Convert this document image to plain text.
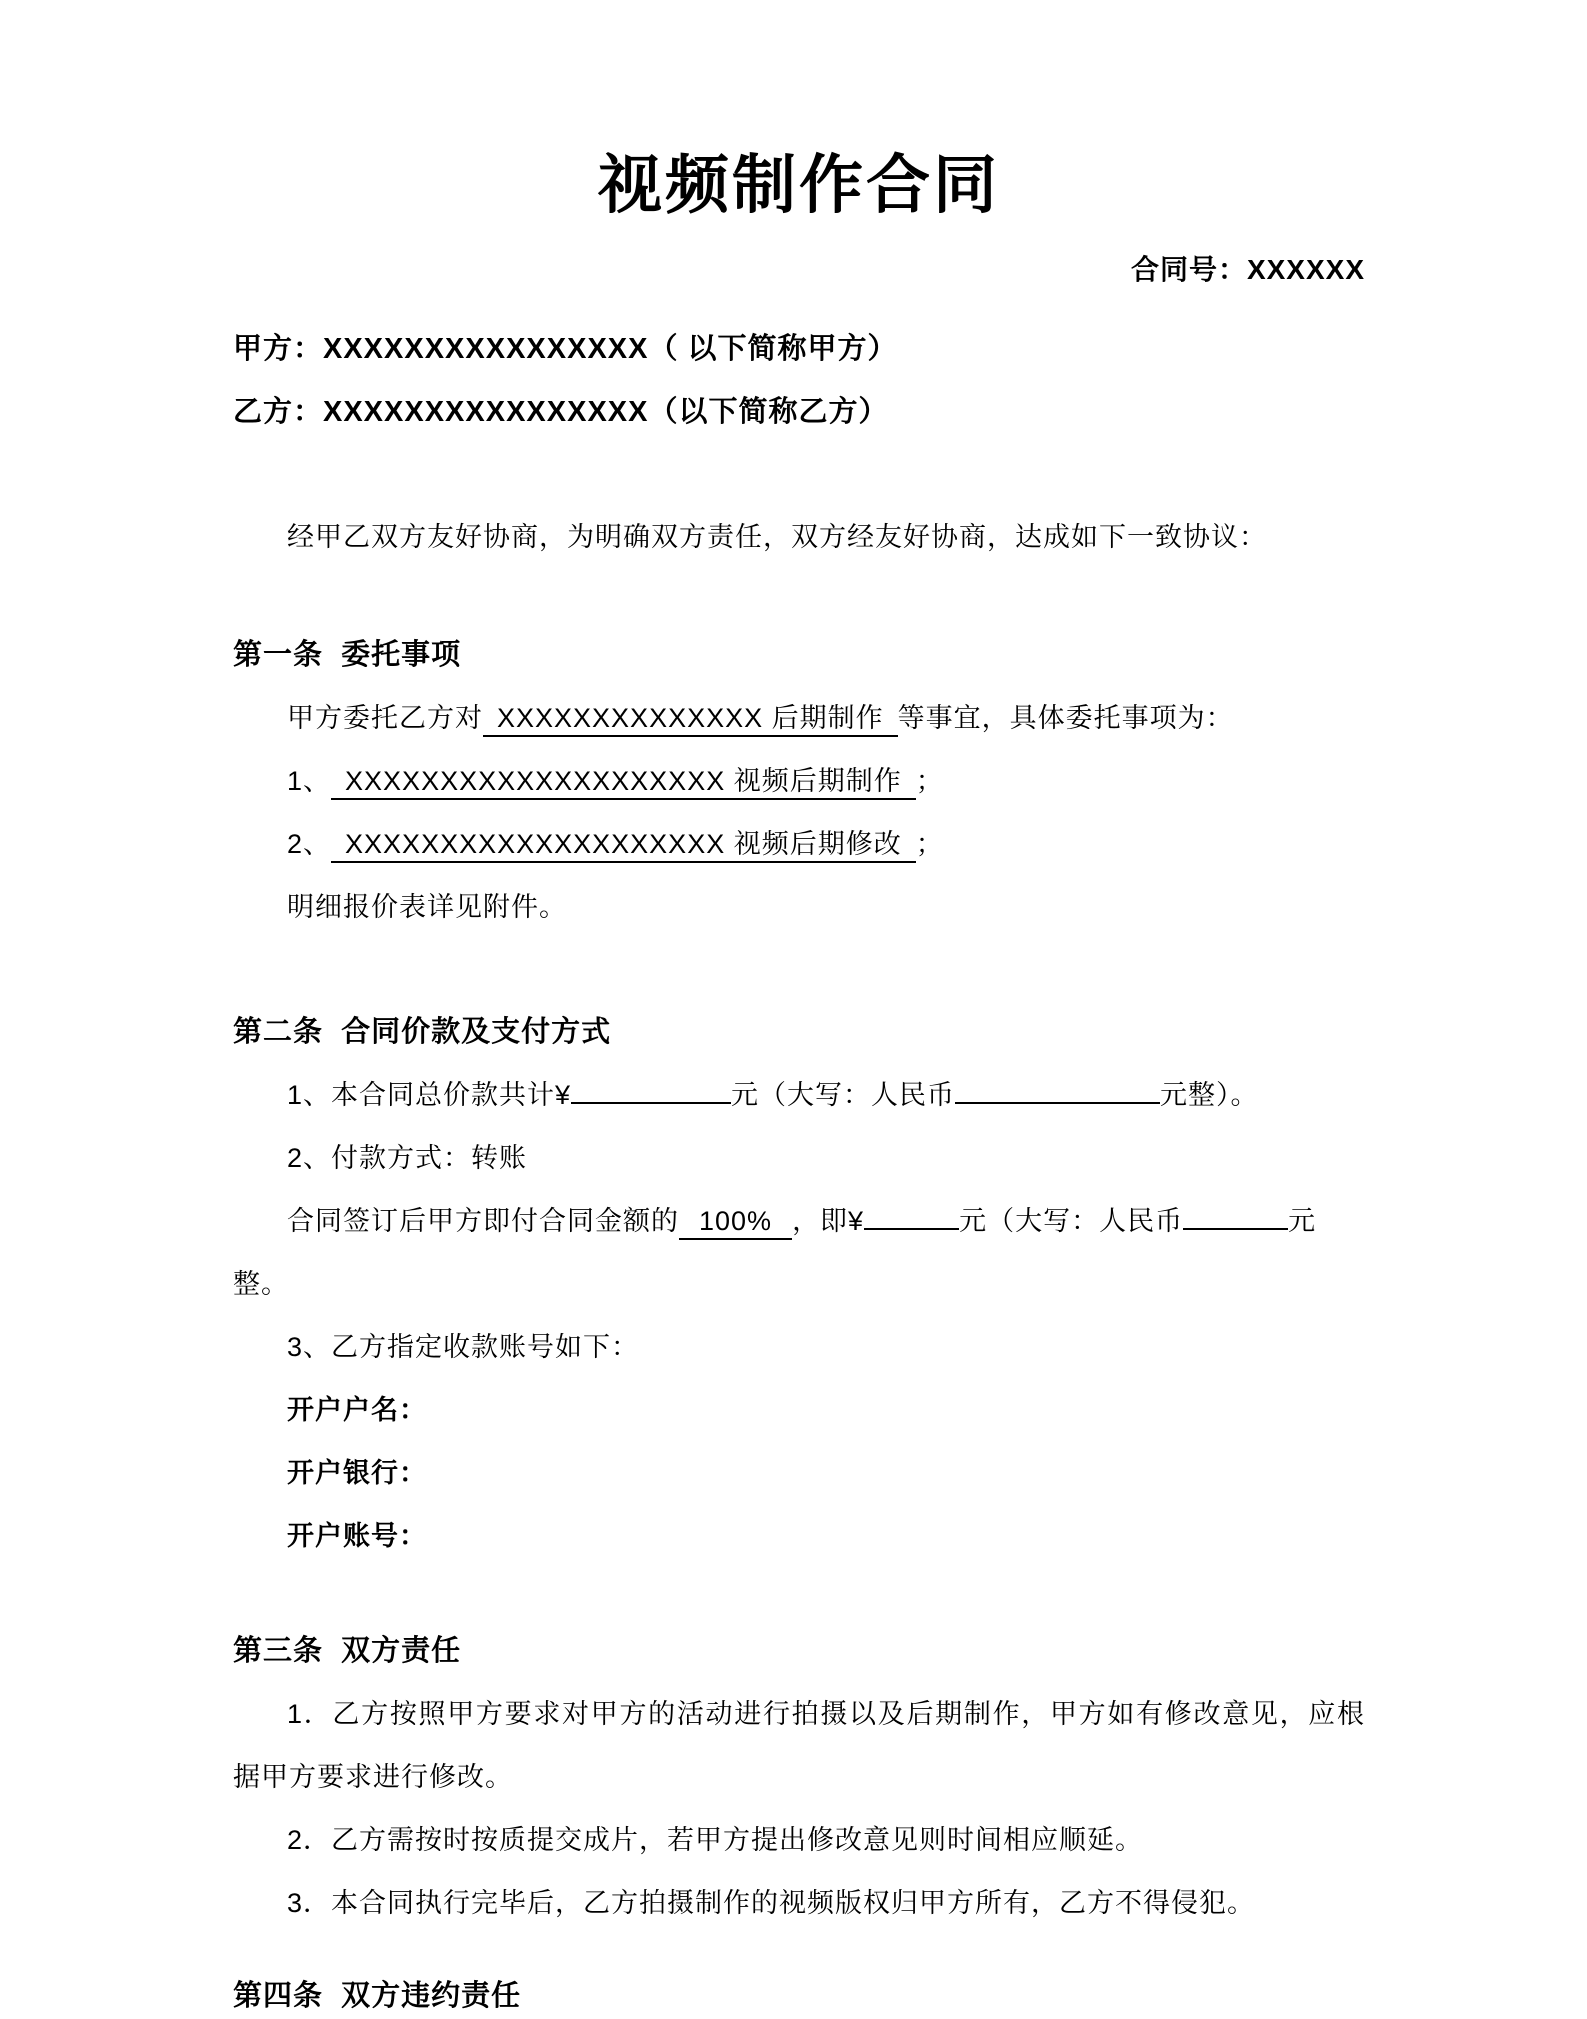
视频制作合同
合同号：XXXXXX
甲方：XXXXXXXXXXXXXXXX（ 以下简称甲方）
乙方：XXXXXXXXXXXXXXXX（以下简称乙方）
经甲乙双方友好协商，为明确双方责任，双方经友好协商，达成如下一致协议：
第一条  委托事项
甲方委托乙方对 XXXXXXXXXXXXXX 后期制作 等事宜，具体委托事项为：
1、 XXXXXXXXXXXXXXXXXXXX 视频后期制作 ；
2、 XXXXXXXXXXXXXXXXXXXX 视频后期修改 ；
明细报价表详见附件。
第二条  合同价款及支付方式
1、本合同总价款共计¥	元（大写：人民币	元整）。
2、付款方式：转账
合同签订后甲方即付合同金额的 100% ，即¥	元（大写：人民币	元
整。
3、乙方指定收款账号如下：
开户户名：
开户银行：
开户账号：
第三条  双方责任
1．乙方按照甲方要求对甲方的活动进行拍摄以及后期制作，甲方如有修改意见，应根
据甲方要求进行修改。
2．乙方需按时按质提交成片，若甲方提出修改意见则时间相应顺延。
3．本合同执行完毕后，乙方拍摄制作的视频版权归甲方所有，乙方不得侵犯。
第四条  双方违约责任
